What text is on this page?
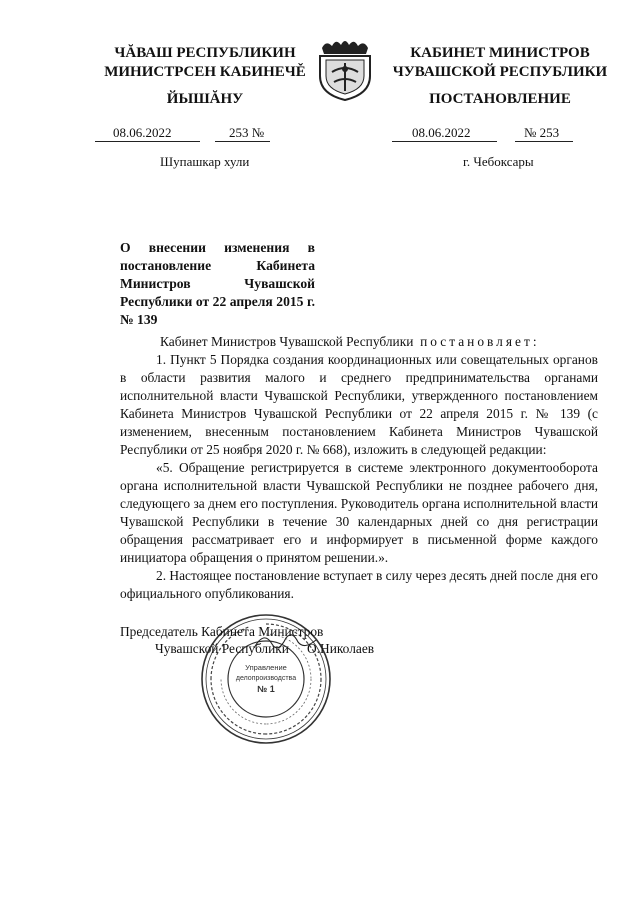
ЧĂВАШ РЕСПУБЛИКИН
МИНИСТРСЕН КАБИНЕЧĚ
КАБИНЕТ МИНИСТРОВ
ЧУВАШСКОЙ РЕСПУБЛИКИ
ЙЫШĂНУ	ПОСТАНОВЛЕНИЕ
08.06.2022	253 №	08.06.2022	№ 253
Шупашкар хули	г. Чебоксары
О внесении изменения в постановление Кабинета Министров Чувашской Республики от 22 апреля 2015 г. № 139

Кабинет Министров Чувашской Республики постановляет:

1. Пункт 5 Порядка создания координационных или совещательных органов в области развития малого и среднего предпринимательства органами исполнительной власти Чувашской Республики, утвержденного постановлением Кабинета Министров Чувашской Республики от 22 апреля 2015 г. № 139 (с изменением, внесенным постановлением Кабинета Министров Чувашской Республики от 25 ноября 2020 г. № 668), изложить в следующей редакции:

«5. Обращение регистрируется в системе электронного документооборота органа исполнительной власти Чувашской Республики не позднее рабочего дня, следующего за днем его поступления. Руководитель органа исполнительной власти Чувашской Республики в течение 30 календарных дней со дня регистрации обращения рассматривает его и информирует в письменной форме каждого инициатора обращения о принятом решении.».

2. Настоящее постановление вступает в силу через десять дней после дня его официального опубликования.

Управление
делопроизводства
№ 1
Председатель Кабинета Министров
Чувашской Республики О.Николаев
